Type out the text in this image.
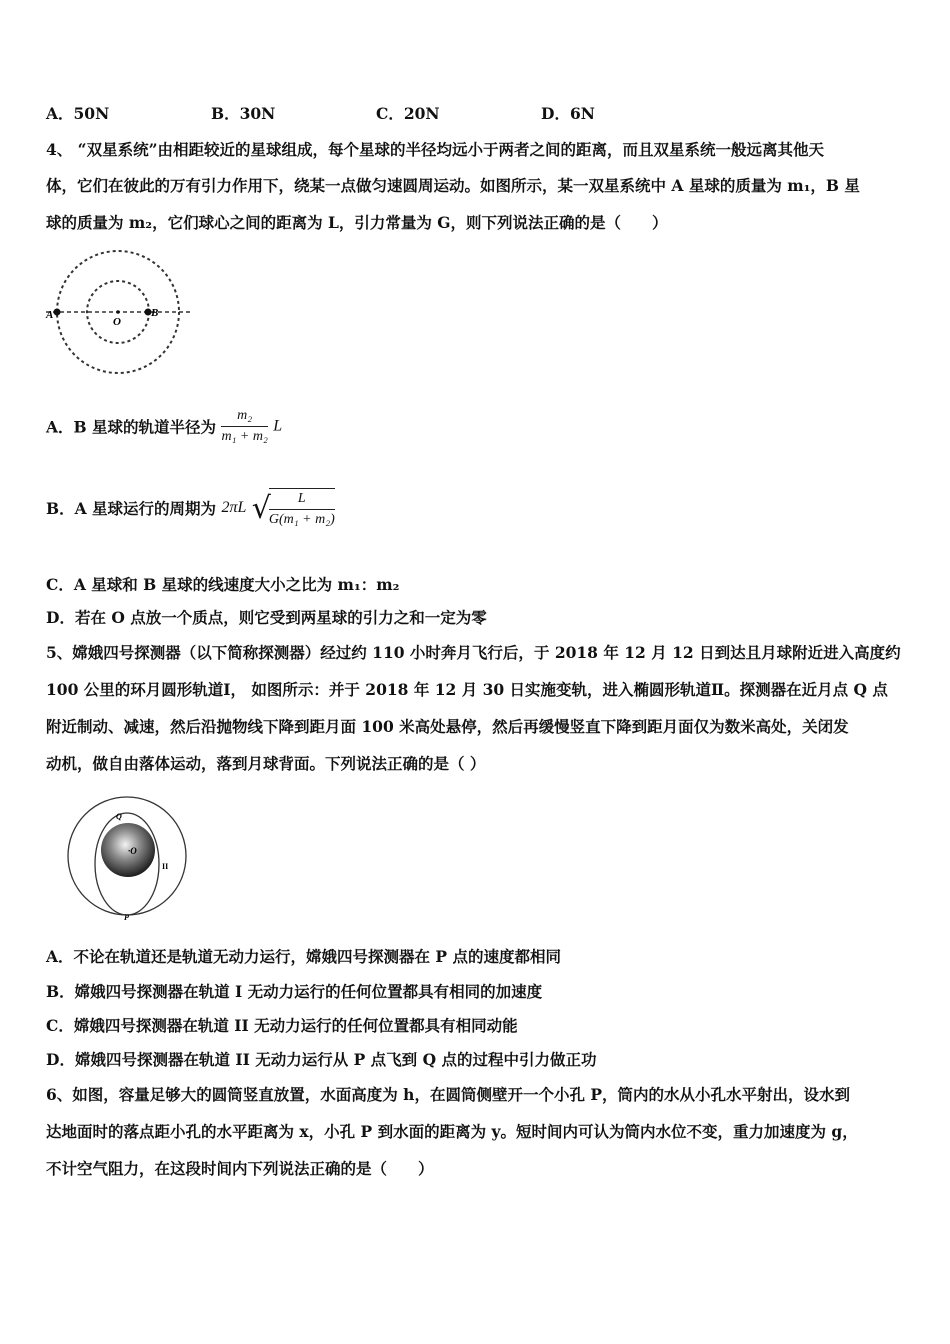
A．50N	B．30N	C．20N	D．6N
4、 “双星系统”由相距较近的星球组成，每个星球的半径均远小于两者之间的距离，而且双星系统一般远离其他天
体，它们在彼此的万有引力作用下，绕某一点做匀速圆周运动。如图所示，某一双星系统中 A 星球的质量为 m₁，B 星
球的质量为 m₂，它们球心之间的距离为 L，引力常量为 G，则下列说法正确的是（　　）
A
O
B
A．B 星球的轨道半径为 $\frac{\text{m₂}}{\text{m₁ + m₂}}$ L
B．A 星球运行的周期为 2πL √
$\frac{L}{\text{G(m₁ + m₂)}}$
C．A 星球和 B 星球的线速度大小之比为 m₁：m₂
D．若在 O 点放一个质点，则它受到两星球的引力之和一定为零
5、嫦娥四号探测器（以下简称探测器）经过约 110 小时奔月飞行后，于 2018 年 12 月 12 日到达且月球附近进入高度约
100 公里的环月圆形轨道Ⅰ， 如图所示：并于 2018 年 12 月 30 日实施变轨，进入椭圆形轨道Ⅱ。探测器在近月点 Q 点
附近制动、减速，然后沿抛物线下降到距月面 100 米高处悬停，然后再缓慢竖直下降到距月面仅为数米高处，关闭发
动机，做自由落体运动，落到月球背面。下列说法正确的是（ ）
Q
·O
II
P
A．不论在轨道还是轨道无动力运行，嫦娥四号探测器在 P 点的速度都相同
B．嫦娥四号探测器在轨道 I 无动力运行的任何位置都具有相同的加速度
C．嫦娥四号探测器在轨道 II 无动力运行的任何位置都具有相同动能
D．嫦娥四号探测器在轨道 II 无动力运行从 P 点飞到 Q 点的过程中引力做正功
6、如图，容量足够大的圆筒竖直放置，水面高度为 h，在圆筒侧壁开一个小孔 P，筒内的水从小孔水平射出，设水到
达地面时的落点距小孔的水平距离为 x，小孔 P 到水面的距离为 y。短时间内可认为筒内水位不变，重力加速度为 g，
不计空气阻力，在这段时间内下列说法正确的是（　　）
